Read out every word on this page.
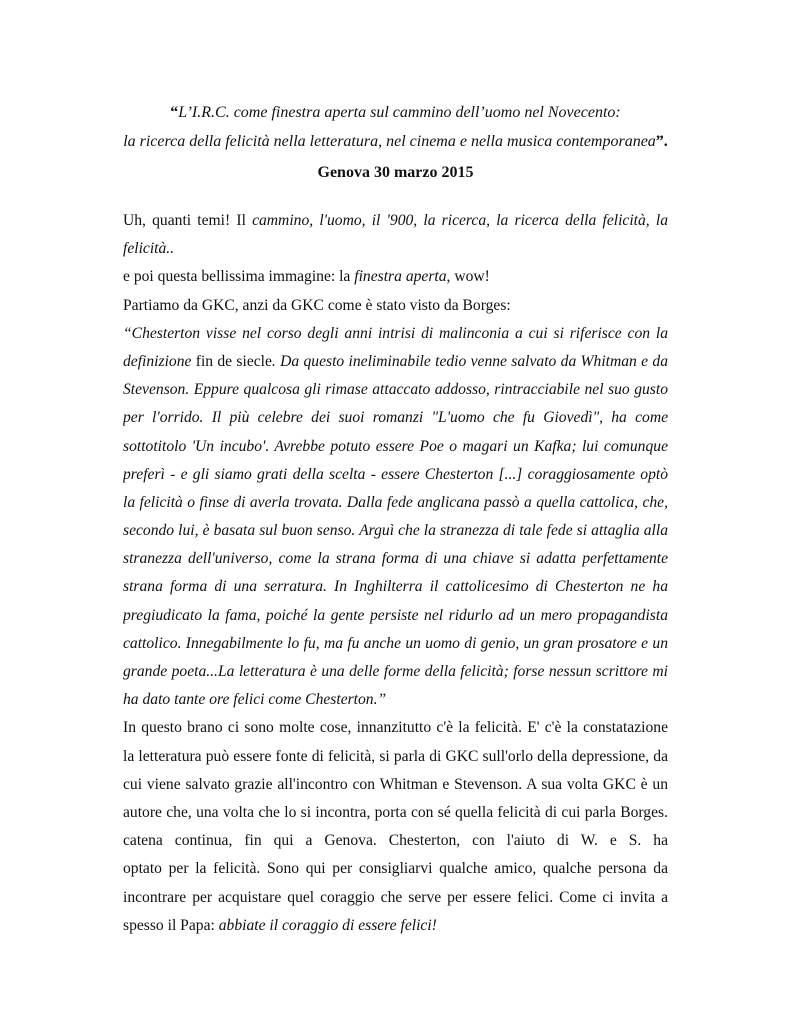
“L’I.R.C. come finestra aperta sul cammino dell’uomo nel Novecento:
la ricerca della felicità nella letteratura, nel cinema e nella musica contemporanea”.
Genova 30 marzo 2015
Uh, quanti temi! Il cammino, l'uomo, il '900, la ricerca, la ricerca della felicità, la
felicità..
e poi questa bellissima immagine: la finestra aperta, wow!
Partiamo da GKC, anzi da GKC come è stato visto da Borges:
“Chesterton visse nel corso degli anni intrisi di malinconia a cui si riferisce con la
definizione fin de siecle. Da questo ineliminabile tedio venne salvato da Whitman e da
Stevenson. Eppure qualcosa gli rimase attaccato addosso, rintracciabile nel suo gusto
per l'orrido. Il più celebre dei suoi romanzi "L'uomo che fu Giovedì", ha come
sottotitolo 'Un incubo'. Avrebbe potuto essere Poe o magari un Kafka; lui comunque
preferì - e gli siamo grati della scelta - essere Chesterton [...] coraggiosamente optò
la felicità o finse di averla trovata. Dalla fede anglicana passò a quella cattolica, che,
secondo lui, è basata sul buon senso. Arguì che la stranezza di tale fede si attaglia alla
stranezza dell'universo, come la strana forma di una chiave si adatta perfettamente
strana forma di una serratura. In Inghilterra il cattolicesimo di Chesterton ne ha
pregiudicato la fama, poiché la gente persiste nel ridurlo ad un mero propagandista
cattolico. Innegabilmente lo fu, ma fu anche un uomo di genio, un gran prosatore e un
grande poeta...La letteratura è una delle forme della felicità; forse nessun scrittore mi
ha dato tante ore felici come Chesterton.”
In questo brano ci sono molte cose, innanzitutto c'è la felicità. E' c'è la constatazione
la letteratura può essere fonte di felicità, si parla di GKC sull'orlo della depressione, da
cui viene salvato grazie all'incontro con Whitman e Stevenson. A sua volta GKC è un
autore che, una volta che lo si incontra, porta con sé quella felicità di cui parla Borges.
catena continua, fin qui a Genova. Chesterton, con l'aiuto di W. e S. ha
optato per la felicità. Sono qui per consigliarvi qualche amico, qualche persona da
incontrare per acquistare quel coraggio che serve per essere felici. Come ci invita a
spesso il Papa: abbiate il coraggio di essere felici!
